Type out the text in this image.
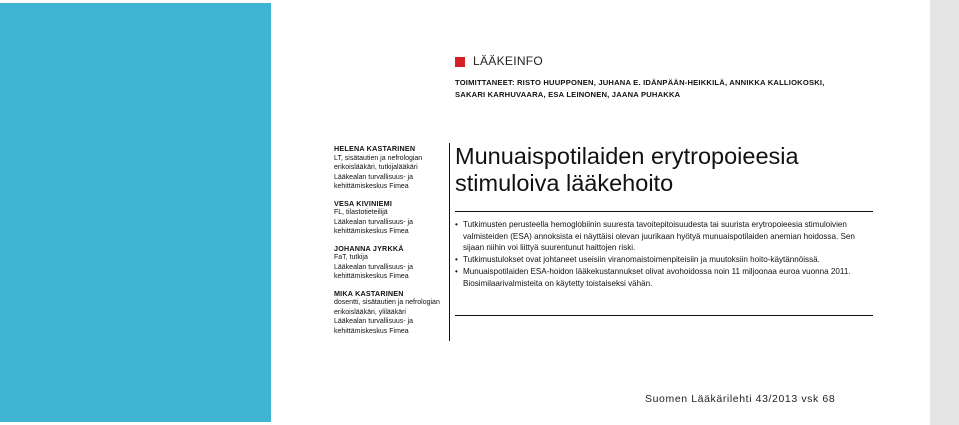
LÄÄKEINFO
TOIMITTANEET: RISTO HUUPPONEN, JUHANA E. IDÄNPÄÄN-HEIKKILÄ, ANNIKKA KALLIOKOSKI,
SAKARI KARHUVAARA, ESA LEINONEN, JAANA PUHAKKA
HELENA KASTARINEN
LT, sisätautien ja nefrologian
erikoislääkäri, tutkijalääkäri
Lääkealan turvallisuus- ja
kehittämiskeskus Fimea
VESA KIVINIEMI
FL, tilastotieteilijä
Lääkealan turvallisuus- ja
kehittämiskeskus Fimea
JOHANNA JYRKKÄ
FaT, tutkija
Lääkealan turvallisuus- ja
kehittämiskeskus Fimea
MIKA KASTARINEN
dosentti, sisätautien ja nefrologian
erikoislääkäri, ylilääkäri
Lääkealan turvallisuus- ja
kehittämiskeskus Fimea
Munuaispotilaiden erytropoieesia
stimuloiva lääkehoito
• Tutkimusten perusteella hemoglobiinin suuresta tavoitepitoisuudesta tai suurista erytropoieesia stimuloivien valmisteiden (ESA) annoksista ei näyttäisi olevan juurikaan hyötyä munuaispotilaiden anemian hoidossa. Sen sijaan niihin voi liittyä suurentunut haittojen riski.
• Tutkimustulokset ovat johtaneet useisiin viranomaistoimenpiteisiin ja muutoksiin hoito-käytännöissä.
• Munuaispotilaiden ESA-hoidon lääkekustannukset olivat avohoidossa noin 11 miljoonaa euroa vuonna 2011. Biosimilaarivalmisteita on käytetty toistaiseksi vähän.
Suomen Lääkärilehti 43/2013 vsk 68
